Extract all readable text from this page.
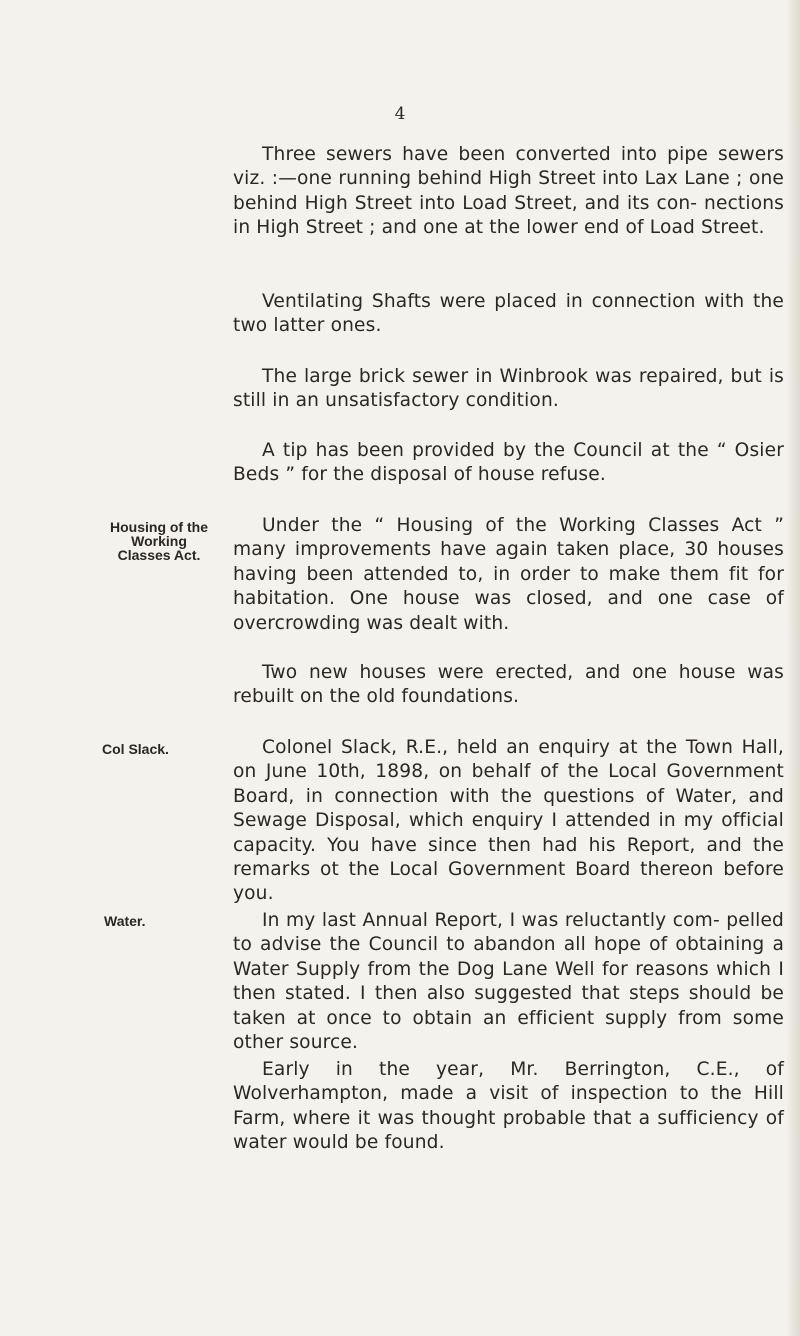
4

Three sewers have been converted into pipe sewers viz. :—one running behind High Street into Lax Lane ; one behind High Street into Load Street, and its con- nections in High Street ; and one at the lower end of Load Street.

Ventilating Shafts were placed in connection with the two latter ones.

The large brick sewer in Winbrook was repaired, but is still in an unsatisfactory condition.

A tip has been provided by the Council at the “ Osier Beds ” for the disposal of house refuse.

Under the “ Housing of the Working Classes Act ” many improvements have again taken place, 30 houses having been attended to, in order to make them fit for habitation. One house was closed, and one case of overcrowding was dealt with.

Two new houses were erected, and one house was rebuilt on the old foundations.

Colonel Slack, R.E., held an enquiry at the Town Hall, on June 10th, 1898, on behalf of the Local Government Board, in connection with the questions of Water, and Sewage Disposal, which enquiry I attended in my official capacity. You have since then had his Report, and the remarks ot the Local Government Board thereon before you.

In my last Annual Report, I was reluctantly com- pelled to advise the Council to abandon all hope of obtaining a Water Supply from the Dog Lane Well for reasons which I then stated. I then also suggested that steps should be taken at once to obtain an efficient supply from some other source.

Early in the year, Mr. Berrington, C.E., of Wolverhampton, made a visit of inspection to the Hill Farm, where it was thought probable that a sufficiency of water would be found.

Housing of the
Working
Classes Act.
Col Slack.
Water.
